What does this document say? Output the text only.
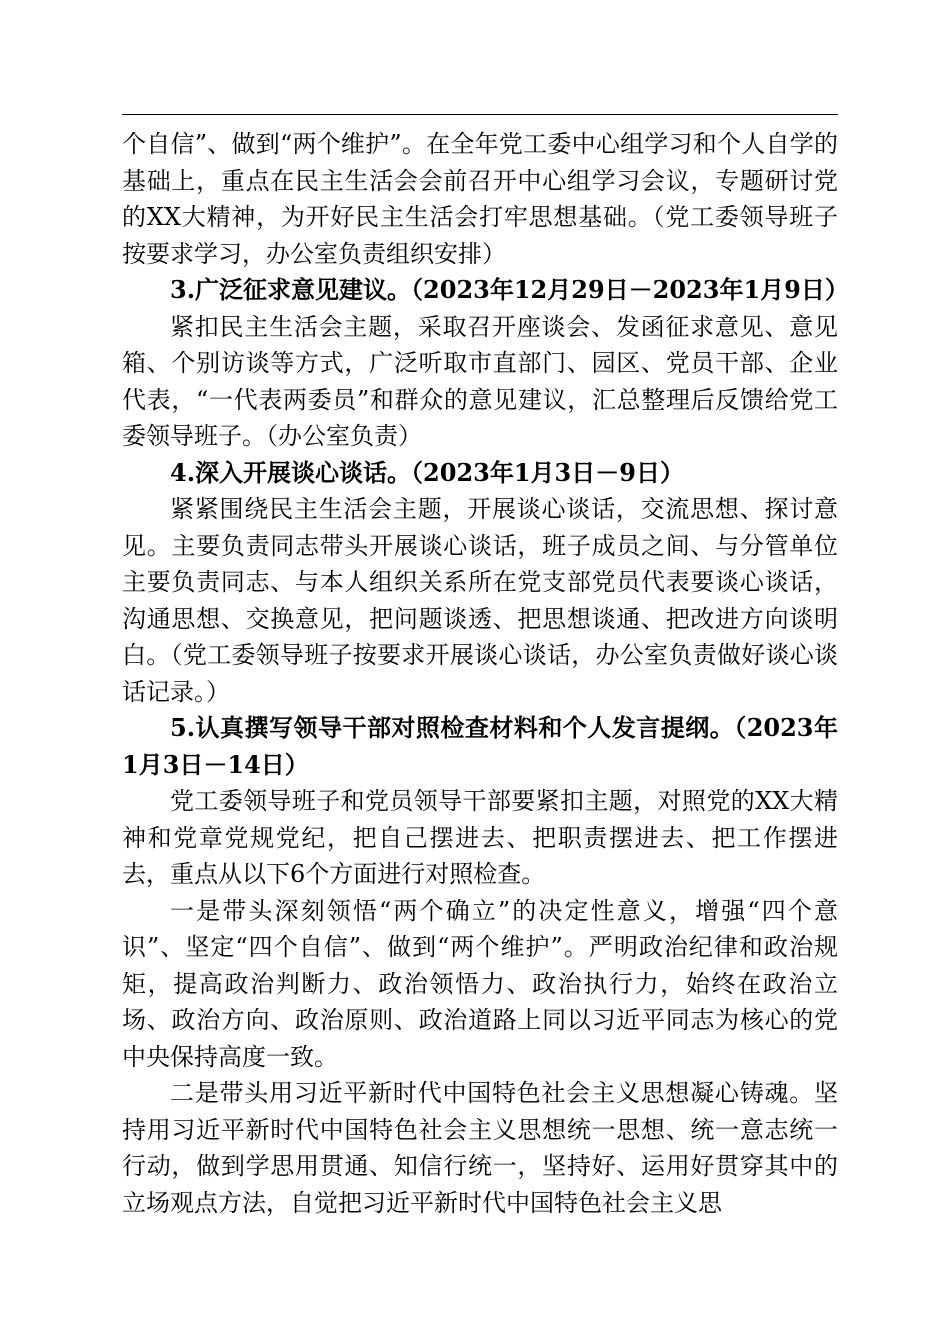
个自信”、做到“两个维护”。在全年党工委中心组学习和个人自学的基础上，重点在民主生活会会前召开中心组学习会议，专题研讨党的XX大精神，为开好民主生活会打牢思想基础。（党工委领导班子按要求学习，办公室负责组织安排）

3.广泛征求意见建议。（2023年12月29日－2023年1月9日）

紧扣民主生活会主题，采取召开座谈会、发函征求意见、意见箱、个别访谈等方式，广泛听取市直部门、园区、党员干部、企业代表，“一代表两委员”和群众的意见建议，汇总整理后反馈给党工委领导班子。（办公室负责）

4.深入开展谈心谈话。（2023年1月3日－9日）

紧紧围绕民主生活会主题，开展谈心谈话，交流思想、探讨意见。主要负责同志带头开展谈心谈话，班子成员之间、与分管单位主要负责同志、与本人组织关系所在党支部党员代表要谈心谈话，沟通思想、交换意见，把问题谈透、把思想谈通、把改进方向谈明白。（党工委领导班子按要求开展谈心谈话，办公室负责做好谈心谈话记录。）

5.认真撰写领导干部对照检查材料和个人发言提纲。（2023年1月3日－14日）

党工委领导班子和党员领导干部要紧扣主题，对照党的XX大精神和党章党规党纪，把自己摆进去、把职责摆进去、把工作摆进去，重点从以下6个方面进行对照检查。

一是带头深刻领悟“两个确立”的决定性意义，增强“四个意识”、坚定“四个自信”、做到“两个维护”。严明政治纪律和政治规矩，提高政治判断力、政治领悟力、政治执行力，始终在政治立场、政治方向、政治原则、政治道路上同以习近平同志为核心的党中央保持高度一致。

二是带头用习近平新时代中国特色社会主义思想凝心铸魂。坚持用习近平新时代中国特色社会主义思想统一思想、统一意志统一行动，做到学思用贯通、知信行统一，坚持好、运用好贯穿其中的立场观点方法，自觉把习近平新时代中国特色社会主义思
